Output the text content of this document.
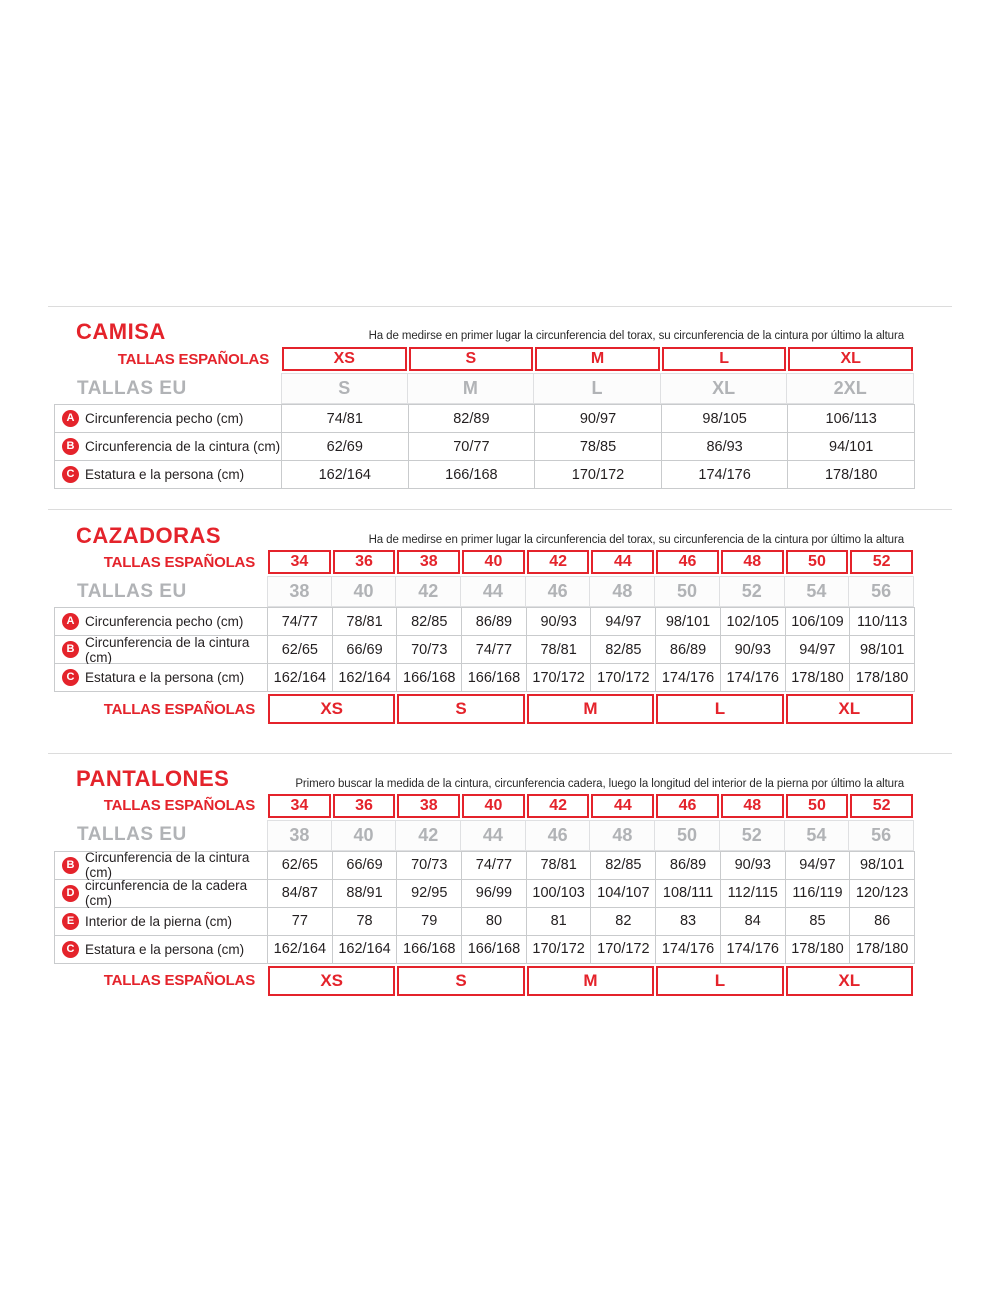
CAMISA	Ha de medirse en primer lugar la circunferencia del torax, su circunferencia de la cintura por último la altura
TALLAS ESPAÑOLAS	XS	S	M	L	XL
TALLAS EU	S	M	L	XL	2XL
A Circunferencia pecho (cm)	74/81	82/89	90/97	98/105	106/113
B Circunferencia de la cintura (cm)	62/69	70/77	78/85	86/93	94/101
C Estatura e la persona (cm)	162/164	166/168	170/172	174/176	178/180
CAZADORAS	Ha de medirse en primer lugar la circunferencia del torax, su circunferencia de la cintura por último la altura
TALLAS ESPAÑOLAS	34	36	38	40	42	44	46	48	50	52
TALLAS EU	38	40	42	44	46	48	50	52	54	56
A Circunferencia pecho (cm)	74/77	78/81	82/85	86/89	90/93	94/97	98/101	102/105 106/109 110/113
B Circunferencia de la cintura (cm)	62/65	66/69	70/73	74/77	78/81	82/85	86/89	90/93	94/97	98/101
C Estatura e la persona (cm)	162/164 162/164 166/168 166/168 170/172 170/172 174/176 174/176 178/180 178/180
TALLAS ESPAÑOLAS	XS	S	M	L	XL
PANTALONES	Primero buscar la medida de la cintura, circunferencia cadera, luego la longitud del interior de la pierna por último la altura
TALLAS ESPAÑOLAS	34	36	38	40	42	44	46	48	50	52
TALLAS EU	38	40	42	44	46	48	50	52	54	56
B Circunferencia de la cintura (cm)	62/65	66/69	70/73	74/77	78/81	82/85	86/89	90/93	94/97	98/101
D circunferencia de la cadera (cm)	84/87	88/91	92/95	96/99	100/103 104/107 108/111 112/115 116/119 120/123
E Interior de la pierna (cm)	77	78	79	80	81	82	83	84	85	86
C Estatura e la persona (cm)	162/164 162/164 166/168 166/168 170/172 170/172 174/176 174/176 178/180 178/180
TALLAS ESPAÑOLAS	XS	S	M	L	XL
